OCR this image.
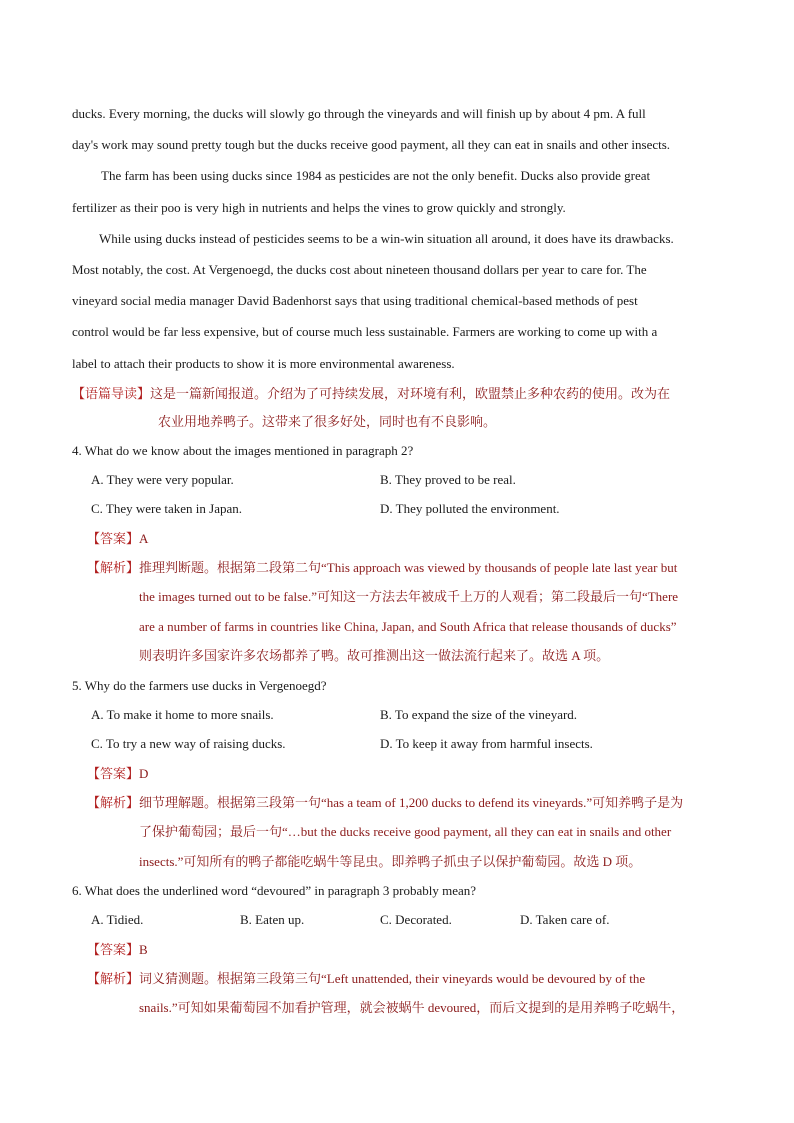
ducks. Every morning, the ducks will slowly go through the vineyards and will finish up by about 4 pm. A full
day's work may sound pretty tough but the ducks receive good payment, all they can eat in snails and other insects.
The farm has been using ducks since 1984 as pesticides are not the only benefit. Ducks also provide great
fertilizer as their poo is very high in nutrients and helps the vines to grow quickly and strongly.
While using ducks instead of pesticides seems to be a win-win situation all around, it does have its drawbacks.
Most notably, the cost. At Vergenoegd, the ducks cost about nineteen thousand dollars per year to care for. The
vineyard social media manager David Badenhorst says that using traditional chemical-based methods of pest
control would be far less expensive, but of course much less sustainable. Farmers are working to come up with a
label to attach their products to show it is more environmental awareness.
【语篇导读】这是一篇新闻报道。介绍为了可持续发展，对环境有利，欧盟禁止多种农药的使用。改为在
农业用地养鸭子。这带来了很多好处，同时也有不良影响。
4. What do we know about the images mentioned in paragraph 2?
A. They were very popular.	B. They proved to be real.
C. They were taken in Japan.	D. They polluted the environment.
【答案】A
【解析】 推理判断题。根据第二段第二句“This approach was viewed by thousands of people late last year but
the images turned out to be false.”可知这一方法去年被成千上万的人观看；第二段最后一句“There
are a number of farms in countries like China, Japan, and South Africa that release thousands of ducks”
则表明许多国家许多农场都养了鸭。故可推测出这一做法流行起来了。故选 A 项。
5. Why do the farmers use ducks in Vergenoegd?
A. To make it home to more snails.	B. To expand the size of the vineyard.
C. To try a new way of raising ducks.	D. To keep it away from harmful insects.
【答案】D
【解析】 细节理解题。根据第三段第一句“has a team of 1,200 ducks to defend its vineyards.”可知养鸭子是为
了保护葡萄园；最后一句“…but the ducks receive good payment, all they can eat in snails and other
insects.”可知所有的鸭子都能吃蜗牛等昆虫。即养鸭子抓虫子以保护葡萄园。故选 D 项。
6. What does the underlined word “devoured” in paragraph 3 probably mean?
A. Tidied.	B. Eaten up.	C. Decorated.	D. Taken care of.
【答案】B
【解析】 词义猜测题。根据第三段第三句“Left unattended, their vineyards would be devoured by of the
snails.”可知如果葡萄园不加看护管理，就会被蜗牛 devoured，而后文提到的是用养鸭子吃蜗牛，
